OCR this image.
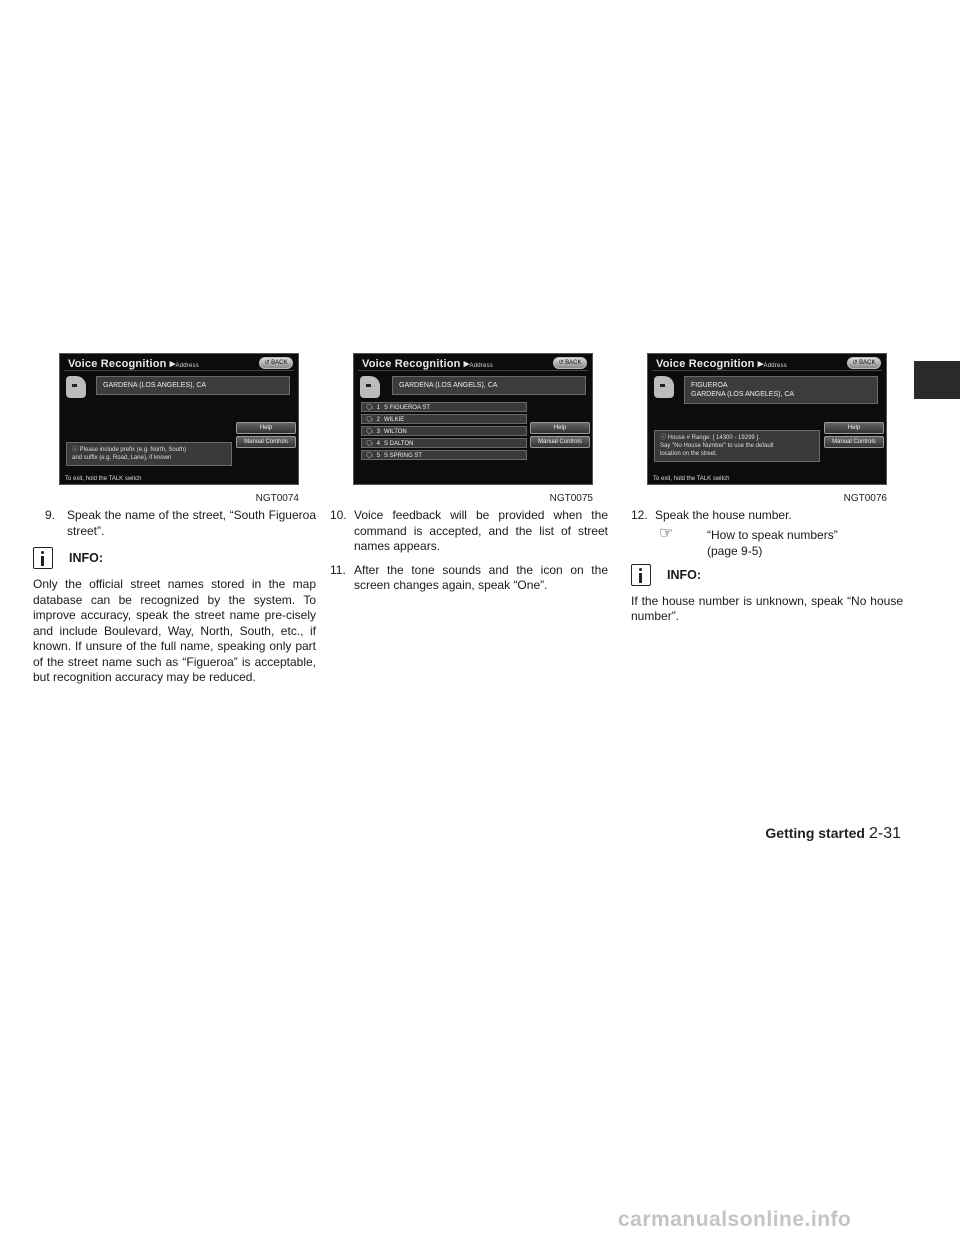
Voice Recognition ▸Address	↺ BACK
GARDENA (LOS ANGELES), CA
Help
Manual Controls
ⓘ Please include prefix (e.g. North, South)
and suffix (e.g. Road, Lane), if known
To exit, hold the TALK switch
NGT0074
Voice Recognition ▸Address	↺ BACK
GARDENA (LOS ANGELS), CA
🗣 1 S FIGUEROA ST
🗣 2 WILKIE
🗣 3 WILTON
🗣 4 S DALTON
🗣 5 S SPRING ST
Help
Manual Controls
NGT0075
Voice Recognition ▸Address	↺ BACK
FIGUEROA
GARDENA (LOS ANGELES), CA
Help
Manual Controls
ⓘ House # Range: [ 14300 - 19299 ].
Say "No House Number" to use the default
location on the street.
To exit, hold the TALK switch
NGT0076
9. Speak the name of the street, “South Figueroa street”.
INFO:

Only the official street names stored in the map database can be recognized by the system. To improve accuracy, speak the street name pre-cisely and include Boulevard, Way, North, South, etc., if known. If unsure of the full name, speaking only part of the street name such as “Figueroa” is acceptable, but recognition accuracy may be reduced.

10. Voice feedback will be provided when the command is accepted, and the list of street names appears.
11. After the tone sounds and the icon on the screen changes again, speak “One”.
12. Speak the house number.
☞	“How to speak numbers”
(page 9-5)
INFO:

If the house number is unknown, speak “No house number”.

Getting started 2-31
carmanualsonline.info
